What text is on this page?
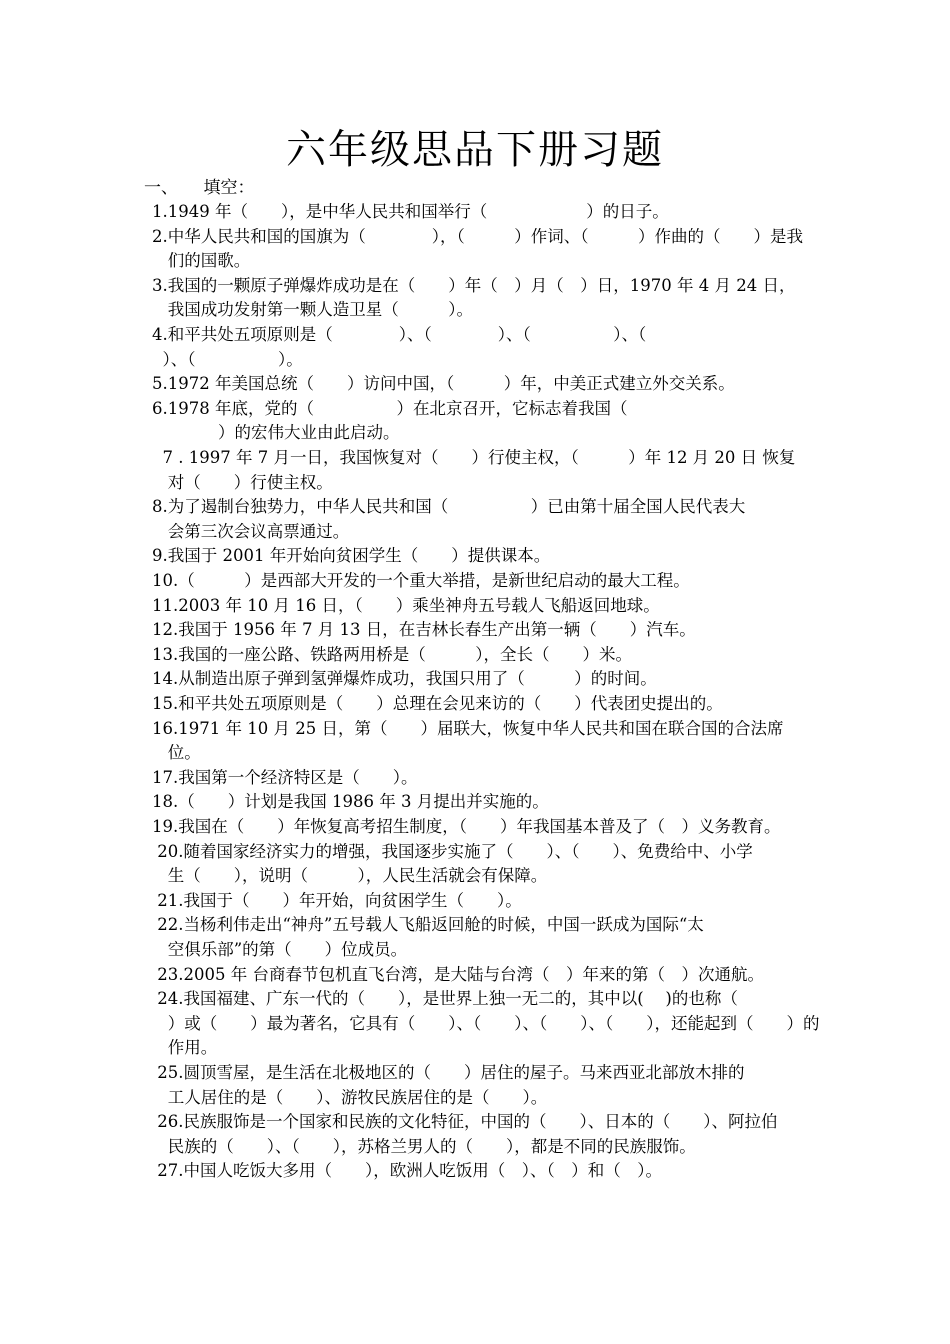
六年级思品下册习题
一、　　填空：
1.1949 年（　　），是中华人民共和国举行（　　　　　　）的日子。
2.中华人民共和国的国旗为（　　　　），（　　　）作词、（　　　）作曲的（　　）是我
们的国歌。
3.我国的一颗原子弹爆炸成功是在（　　）年（　）月（　）日，1970 年 4 月 24 日，
我国成功发射第一颗人造卫星（　　　）。
4.和平共处五项原则是（　　　　）、（　　　　）、（　　　　　）、（
）、（　　　　　）。
5.1972 年美国总统（　　）访问中国，（　　　）年，中美正式建立外交关系。
6.1978 年底，党的（　　　　　）在北京召开，它标志着我国（
　　　　）的宏伟大业由此启动。
7 . 1997 年 7 月一日，我国恢复对（　　）行使主权，（　　　）年 12 月 20 日 恢复
对（　　）行使主权。
8.为了遏制台独势力，中华人民共和国（　　　　　）已由第十届全国人民代表大
会第三次会议高票通过。
9.我国于 2001 年开始向贫困学生（　　）提供课本。
10.（　　　）是西部大开发的一个重大举措，是新世纪启动的最大工程。
11.2003 年 10 月 16 日，（　　）乘坐神舟五号载人飞船返回地球。
12.我国于 1956 年 7 月 13 日，在吉林长春生产出第一辆（　　）汽车。
13.我国的一座公路、铁路两用桥是（　　　），全长（　　）米。
14.从制造出原子弹到氢弹爆炸成功，我国只用了（　　　）的时间。
15.和平共处五项原则是（　　）总理在会见来访的（　　）代表团史提出的。
16.1971 年 10 月 25 日，第（　　）届联大，恢复中华人民共和国在联合国的合法席
位。
17.我国第一个经济特区是（　　）。
18.（　　）计划是我国 1986 年 3 月提出并实施的。
19.我国在（　　）年恢复高考招生制度，（　　）年我国基本普及了（　）义务教育。
20.随着国家经济实力的增强，我国逐步实施了（　　）、（　　）、免费给中、小学
生（　　），说明（　　　），人民生活就会有保障。
21.我国于（　　）年开始，向贫困学生（　　）。
22.当杨利伟走出“神舟”五号载人飞船返回舱的时候，中国一跃成为国际“太
空俱乐部”的第（　　）位成员。
23.2005 年 台商春节包机直飞台湾，是大陆与台湾（　）年来的第（　）次通航。
24.我国福建、广东一代的（　　），是世界上独一无二的，其中以(　 )的也称（
）或（　　）最为著名，它具有（　　）、（　　）、（　　）、（　　），还能起到（　　）的
作用。
25.圆顶雪屋，是生活在北极地区的（　　）居住的屋子。马来西亚北部放木排的
工人居住的是（　　）、游牧民族居住的是（　　）。
26.民族服饰是一个国家和民族的文化特征，中国的（　　）、日本的（　　）、阿拉伯
民族的（　　）、（　　），苏格兰男人的（　　），都是不同的民族服饰。
27.中国人吃饭大多用（　　），欧洲人吃饭用（　）、（　）和（　）。
